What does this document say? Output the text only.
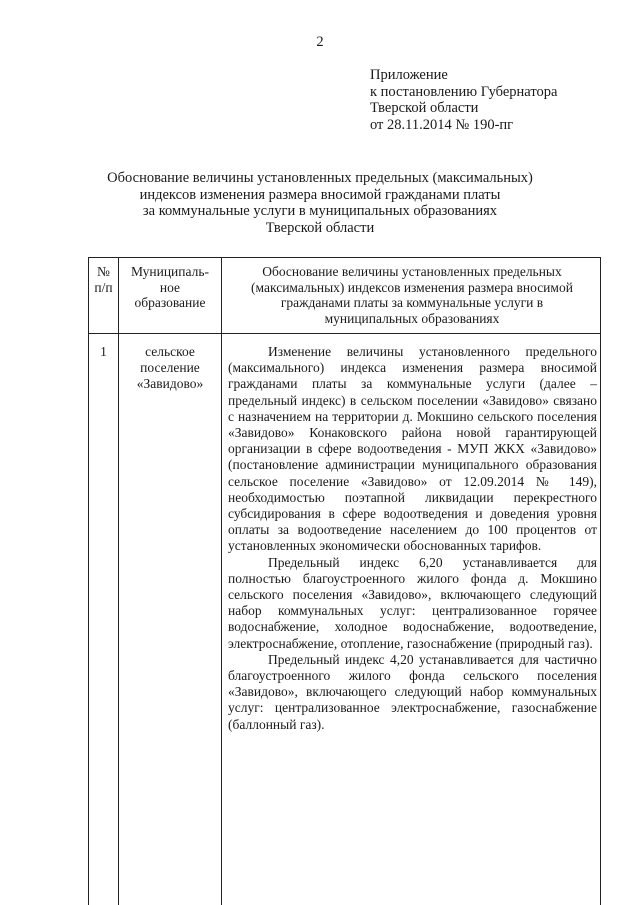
2
Приложение
к постановлению Губернатора
Тверской области
от 28.11.2014 № 190-пг
Обоснование величины установленных предельных (максимальных)
индексов изменения размера вносимой гражданами платы
за коммунальные услуги в муниципальных образованиях
Тверской области
№
п/п
Муниципаль-
ное
образование
Обоснование величины установленных предельных
(максимальных) индексов изменения размера вносимой
гражданами платы за коммунальные услуги в
муниципальных образованиях
1	сельское
поселение
«Завидово»

Изменение величины установленного предельного (максимального) индекса изменения размера вносимой гражданами платы за коммунальные услуги (далее – предельный индекс) в сельском поселении «Завидово» связано с назначением на территории д. Мокшино сельского поселения «Завидово» Конаковского района новой гарантирующей организации в сфере водоотведения - МУП ЖКХ «Завидово» (постановление администрации муниципального образования сельское поселение «Завидово» от 12.09.2014 № 149), необходимостью поэтапной ликвидации перекрестного субсидирования в сфере водоотведения и доведения уровня оплаты за водоотведение населением до 100 процентов от установленных экономически обоснованных тарифов.

Предельный индекс 6,20 устанавливается для полностью благоустроенного жилого фонда д. Мокшино сельского поселения «Завидово», включающего следующий набор коммунальных услуг: централизованное горячее водоснабжение, холодное водоснабжение, водоотведение, электроснабжение, отопление, газоснабжение (природный газ).

Предельный индекс 4,20 устанавливается для частично благоустроенного жилого фонда сельского поселения «Завидово», включающего следующий набор коммунальных услуг: централизованное электроснабжение, газоснабжение (баллонный газ).
